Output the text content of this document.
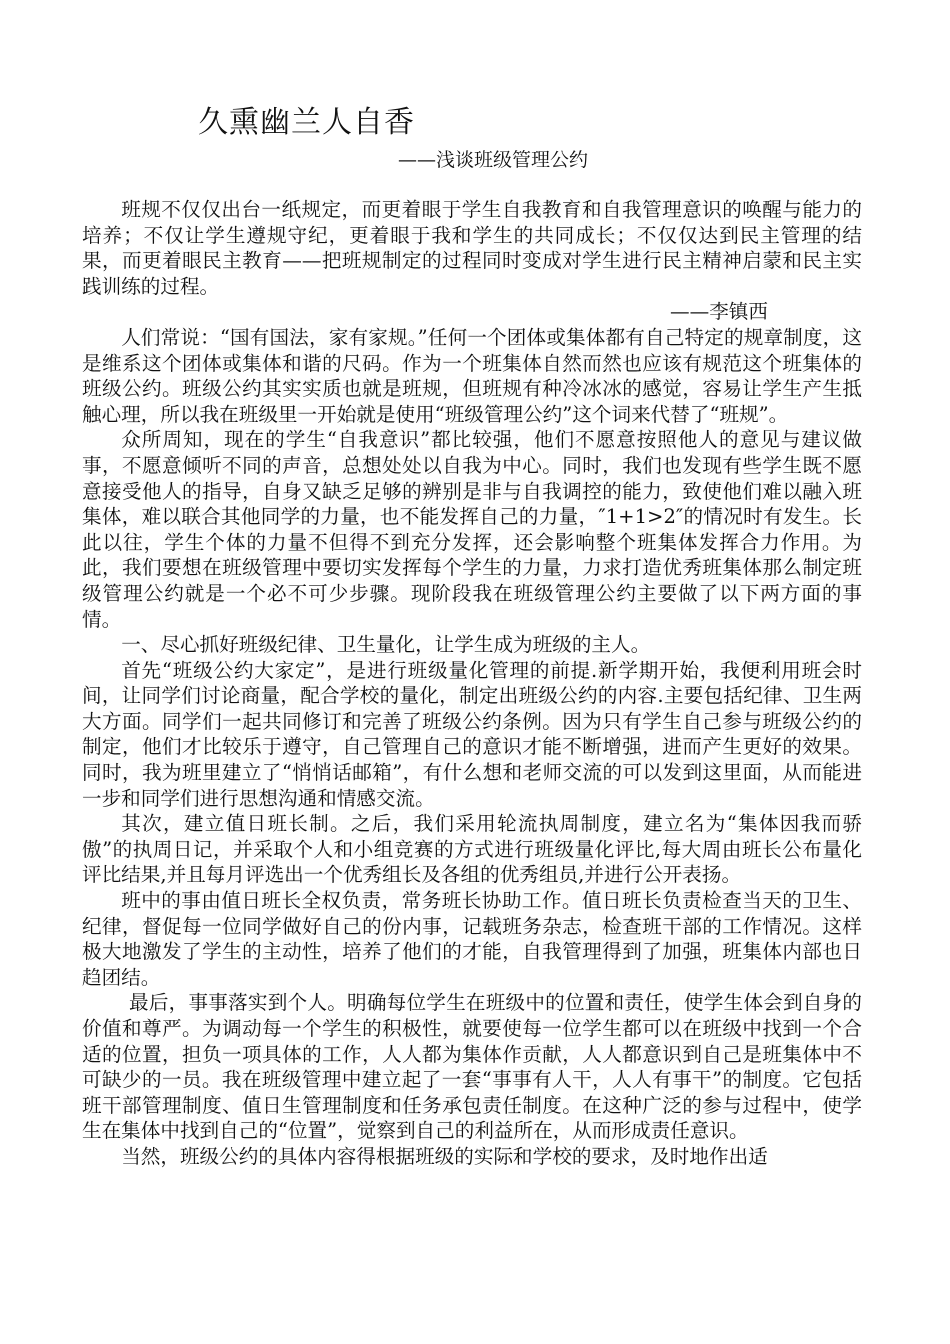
久熏幽兰人自香
——浅谈班级管理公约

班规不仅仅出台一纸规定，而更着眼于学生自我教育和自我管理意识的唤醒与能力的培养；不仅让学生遵规守纪，更着眼于我和学生的共同成长；不仅仅达到民主管理的结果，而更着眼民主教育——把班规制定的过程同时变成对学生进行民主精神启蒙和民主实践训练的过程。

——李镇西

人们常说：“国有国法，家有家规。”任何一个团体或集体都有自己特定的规章制度，这是维系这个团体或集体和谐的尺码。作为一个班集体自然而然也应该有规范这个班集体的班级公约。班级公约其实实质也就是班规，但班规有种冷冰冰的感觉，容易让学生产生抵触心理，所以我在班级里一开始就是使用“班级管理公约”这个词来代替了“班规”。

众所周知，现在的学生“自我意识”都比较强，他们不愿意按照他人的意见与建议做事，不愿意倾听不同的声音，总想处处以自我为中心。同时，我们也发现有些学生既不愿意接受他人的指导，自身又缺乏足够的辨别是非与自我调控的能力，致使他们难以融入班集体，难以联合其他同学的力量，也不能发挥自己的力量，″1+1>2″的情况时有发生。长此以往，学生个体的力量不但得不到充分发挥，还会影响整个班集体发挥合力作用。为此，我们要想在班级管理中要切实发挥每个学生的力量，力求打造优秀班集体那么制定班级管理公约就是一个必不可少步骤。现阶段我在班级管理公约主要做了以下两方面的事情。

一、尽心抓好班级纪律、卫生量化，让学生成为班级的主人。

首先“班级公约大家定”，是进行班级量化管理的前提.新学期开始，我便利用班会时间，让同学们讨论商量，配合学校的量化，制定出班级公约的内容.主要包括纪律、卫生两大方面。同学们一起共同修订和完善了班级公约条例。因为只有学生自己参与班级公约的制定，他们才比较乐于遵守，自己管理自己的意识才能不断增强，进而产生更好的效果。同时，我为班里建立了“悄悄话邮箱”，有什么想和老师交流的可以发到这里面，从而能进一步和同学们进行思想沟通和情感交流。

其次，建立值日班长制。之后，我们采用轮流执周制度，建立名为“集体因我而骄傲”的执周日记，并采取个人和小组竞赛的方式进行班级量化评比,每大周由班长公布量化评比结果,并且每月评选出一个优秀组长及各组的优秀组员,并进行公开表扬。

班中的事由值日班长全权负责，常务班长协助工作。值日班长负责检查当天的卫生、纪律，督促每一位同学做好自己的份内事，记载班务杂志，检查班干部的工作情况。这样极大地激发了学生的主动性，培养了他们的才能，自我管理得到了加强，班集体内部也日趋团结。

最后，事事落实到个人。明确每位学生在班级中的位置和责任，使学生体会到自身的价值和尊严。为调动每一个学生的积极性，就要使每一位学生都可以在班级中找到一个合适的位置，担负一项具体的工作，人人都为集体作贡献，人人都意识到自己是班集体中不可缺少的一员。我在班级管理中建立起了一套“事事有人干，人人有事干”的制度。它包括班干部管理制度、值日生管理制度和任务承包责任制度。在这种广泛的参与过程中，使学生在集体中找到自己的“位置”，觉察到自己的利益所在，从而形成责任意识。

当然，班级公约的具体内容得根据班级的实际和学校的要求，及时地作出适
